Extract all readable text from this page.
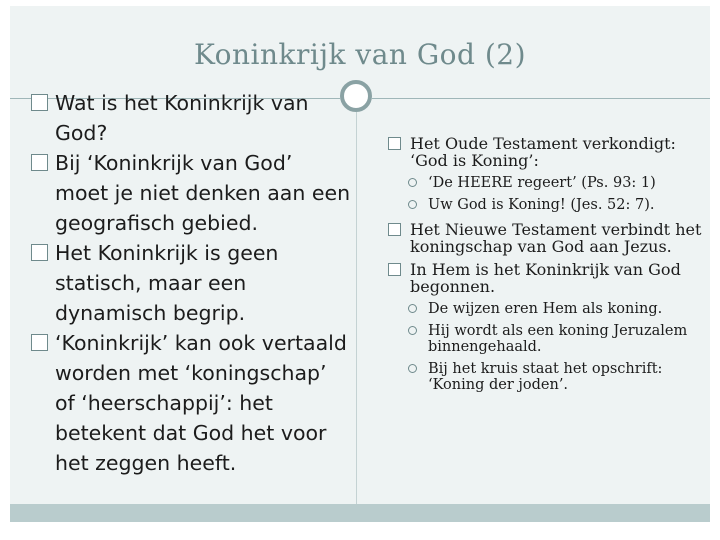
Koninkrijk van God (2)
Wat is het Koninkrijk van God?
Bij ‘Koninkrijk van God’ moet je niet denken aan een geografisch gebied.
Het Koninkrijk is geen statisch, maar een dynamisch begrip.
‘Koninkrijk’ kan ook vertaald worden met ‘koningschap’ of ‘heerschappij’: het betekent dat God het voor het zeggen heeft.
Het Oude Testament verkondigt: ‘God is Koning’:
‘De HEERE regeert’ (Ps. 93: 1)
Uw God is Koning! (Jes. 52: 7).
Het Nieuwe Testament verbindt het koningschap van God aan Jezus.
In Hem is het Koninkrijk van God begonnen.
De wijzen eren Hem als koning.
Hij wordt als een koning Jeruzalem binnengehaald.
Bij het kruis staat het opschrift: ‘Koning der joden’.
